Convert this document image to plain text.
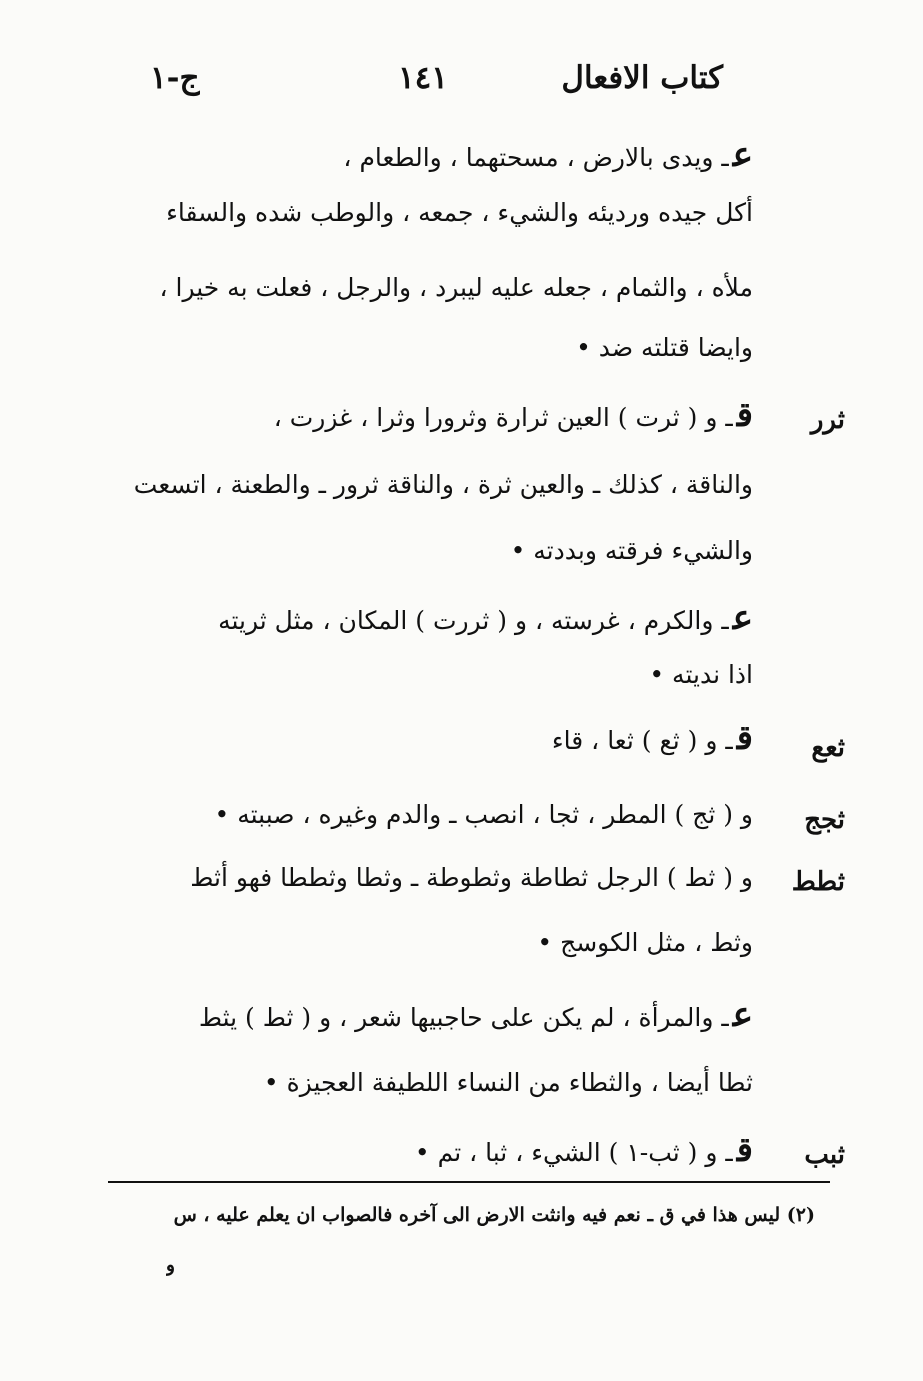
كتاب الافعال
١٤١
ج-١
عـ ويدى بالارض ، مسحتهما ، والطعام ،
أكل جيده ورديئه والشيء ، جمعه ، والوطب شده والسقاء
ملأه ، والثمام ، جعله عليه ليبرد ، والرجل ، فعلت به خيرا ،
وايضا قتلته ضد •
قـ و ( ثرت ) العين ثرارة وثرورا وثرا ، غزرت ،
والناقة ، كذلك ـ والعين ثرة ، والناقة ثرور ـ والطعنة ، اتسعت
والشيء فرقته وبددته •
عـ والكرم ، غرسته ، و ( ثررت ) المكان ، مثل ثريته
اذا نديته •
قـ و ( ثع ) ثعا ، قاء
و ( ثج ) المطر ، ثجا ، انصب ـ والدم وغيره ، صببته •
و ( ثط ) الرجل ثطاطة وثطوطة ـ وثطا وثططا فهو أثط
وثط ، مثل الكوسج •
عـ والمرأة ، لم يكن على حاجبيها شعر ، و ( ثط ) يثط
ثطا أيضا ، والثطاء من النساء اللطيفة العجيزة •
قـ و ( ثب-١ ) الشيء ، ثبا ، تم •
ثرر
ثعع
ثجج
ثطط
ثبب
(٢) ليس هذا في ق ـ نعم فيه وانثت الارض الى آخره فالصواب ان يعلم عليه ، س
و
